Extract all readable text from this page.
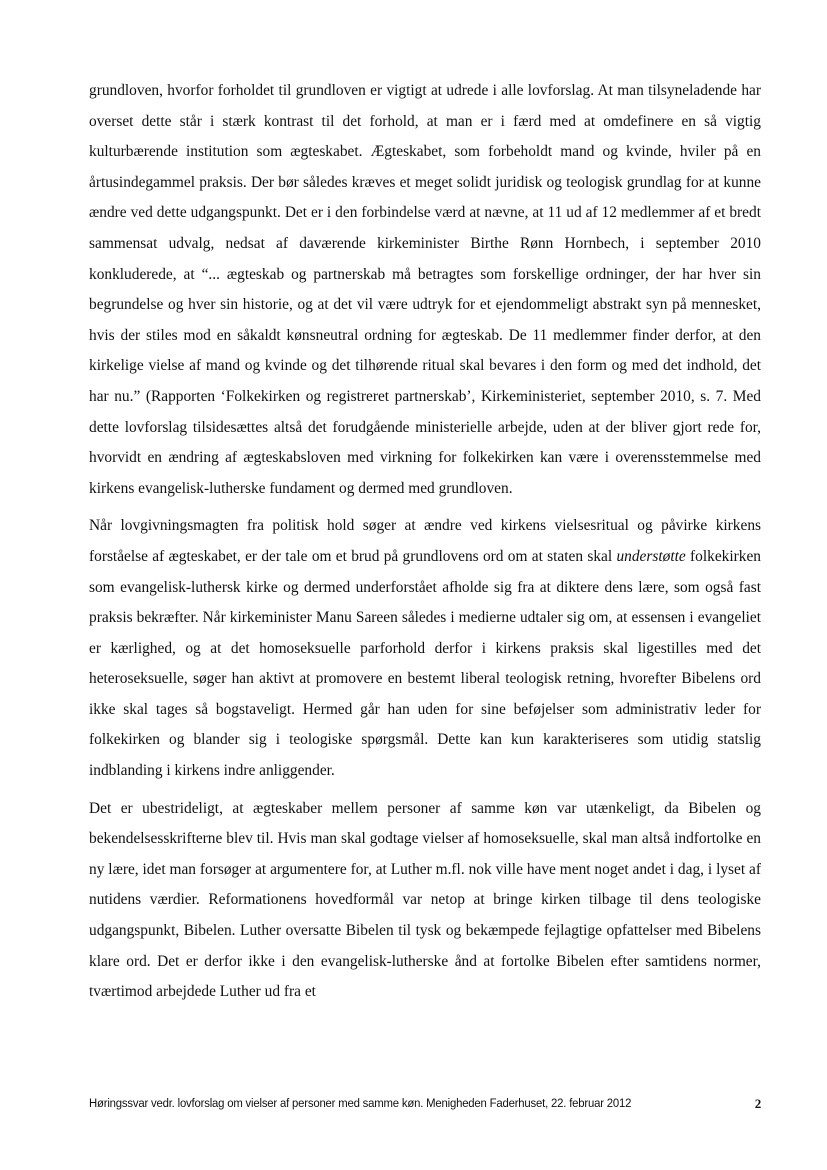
grundloven, hvorfor forholdet til grundloven er vigtigt at udrede i alle lovforslag. At man tilsyneladende har overset dette står i stærk kontrast til det forhold, at man er i færd med at omdefinere en så vigtig kulturbærende institution som ægteskabet. Ægteskabet, som forbeholdt mand og kvinde, hviler på en årtusindegammel praksis. Der bør således kræves et meget solidt juridisk og teologisk grundlag for at kunne ændre ved dette udgangspunkt. Det er i den forbindelse værd at nævne, at 11 ud af 12 medlemmer af et bredt sammensat udvalg, nedsat af daværende kirkeminister Birthe Rønn Hornbech, i september 2010 konkluderede, at “... ægteskab og partnerskab må betragtes som forskellige ordninger, der har hver sin begrundelse og hver sin historie, og at det vil være udtryk for et ejendommeligt abstrakt syn på mennesket, hvis der stiles mod en såkaldt kønsneutral ordning for ægteskab. De 11 medlemmer finder derfor, at den kirkelige vielse af mand og kvinde og det tilhørende ritual skal bevares i den form og med det indhold, det har nu.” (Rapporten ‘Folkekirken og registreret partnerskab’, Kirkeministeriet, september 2010, s. 7. Med dette lovforslag tilsidesættes altså det forudgående ministerielle arbejde, uden at der bliver gjort rede for, hvorvidt en ændring af ægteskabsloven med virkning for folkekirken kan være i overensstemmelse med kirkens evangelisk-lutherske fundament og dermed med grundloven.

Når lovgivningsmagten fra politisk hold søger at ændre ved kirkens vielsesritual og påvirke kirkens forståelse af ægteskabet, er der tale om et brud på grundlovens ord om at staten skal understøtte folkekirken som evangelisk-luthersk kirke og dermed underforstået afholde sig fra at diktere dens lære, som også fast praksis bekræfter. Når kirkeminister Manu Sareen således i medierne udtaler sig om, at essensen i evangeliet er kærlighed, og at det homoseksuelle parforhold derfor i kirkens praksis skal ligestilles med det heteroseksuelle, søger han aktivt at promovere en bestemt liberal teologisk retning, hvorefter Bibelens ord ikke skal tages så bogstaveligt. Hermed går han uden for sine beføjelser som administrativ leder for folkekirken og blander sig i teologiske spørgsmål. Dette kan kun karakteriseres som utidig statslig indblanding i kirkens indre anliggender.

Det er ubestrideligt, at ægteskaber mellem personer af samme køn var utænkeligt, da Bibelen og bekendelsesskrifterne blev til. Hvis man skal godtage vielser af homoseksuelle, skal man altså indfortolke en ny lære, idet man forsøger at argumentere for, at Luther m.fl. nok ville have ment noget andet i dag, i lyset af nutidens værdier. Reformationens hovedformål var netop at bringe kirken tilbage til dens teologiske udgangspunkt, Bibelen. Luther oversatte Bibelen til tysk og bekæmpede fejlagtige opfattelser med Bibelens klare ord. Det er derfor ikke i den evangelisk-lutherske ånd at fortolke Bibelen efter samtidens normer, tværtimod arbejdede Luther ud fra et

Høringssvar vedr. lovforslag om vielser af personer med samme køn. Menigheden Faderhuset, 22. februar 2012	2
